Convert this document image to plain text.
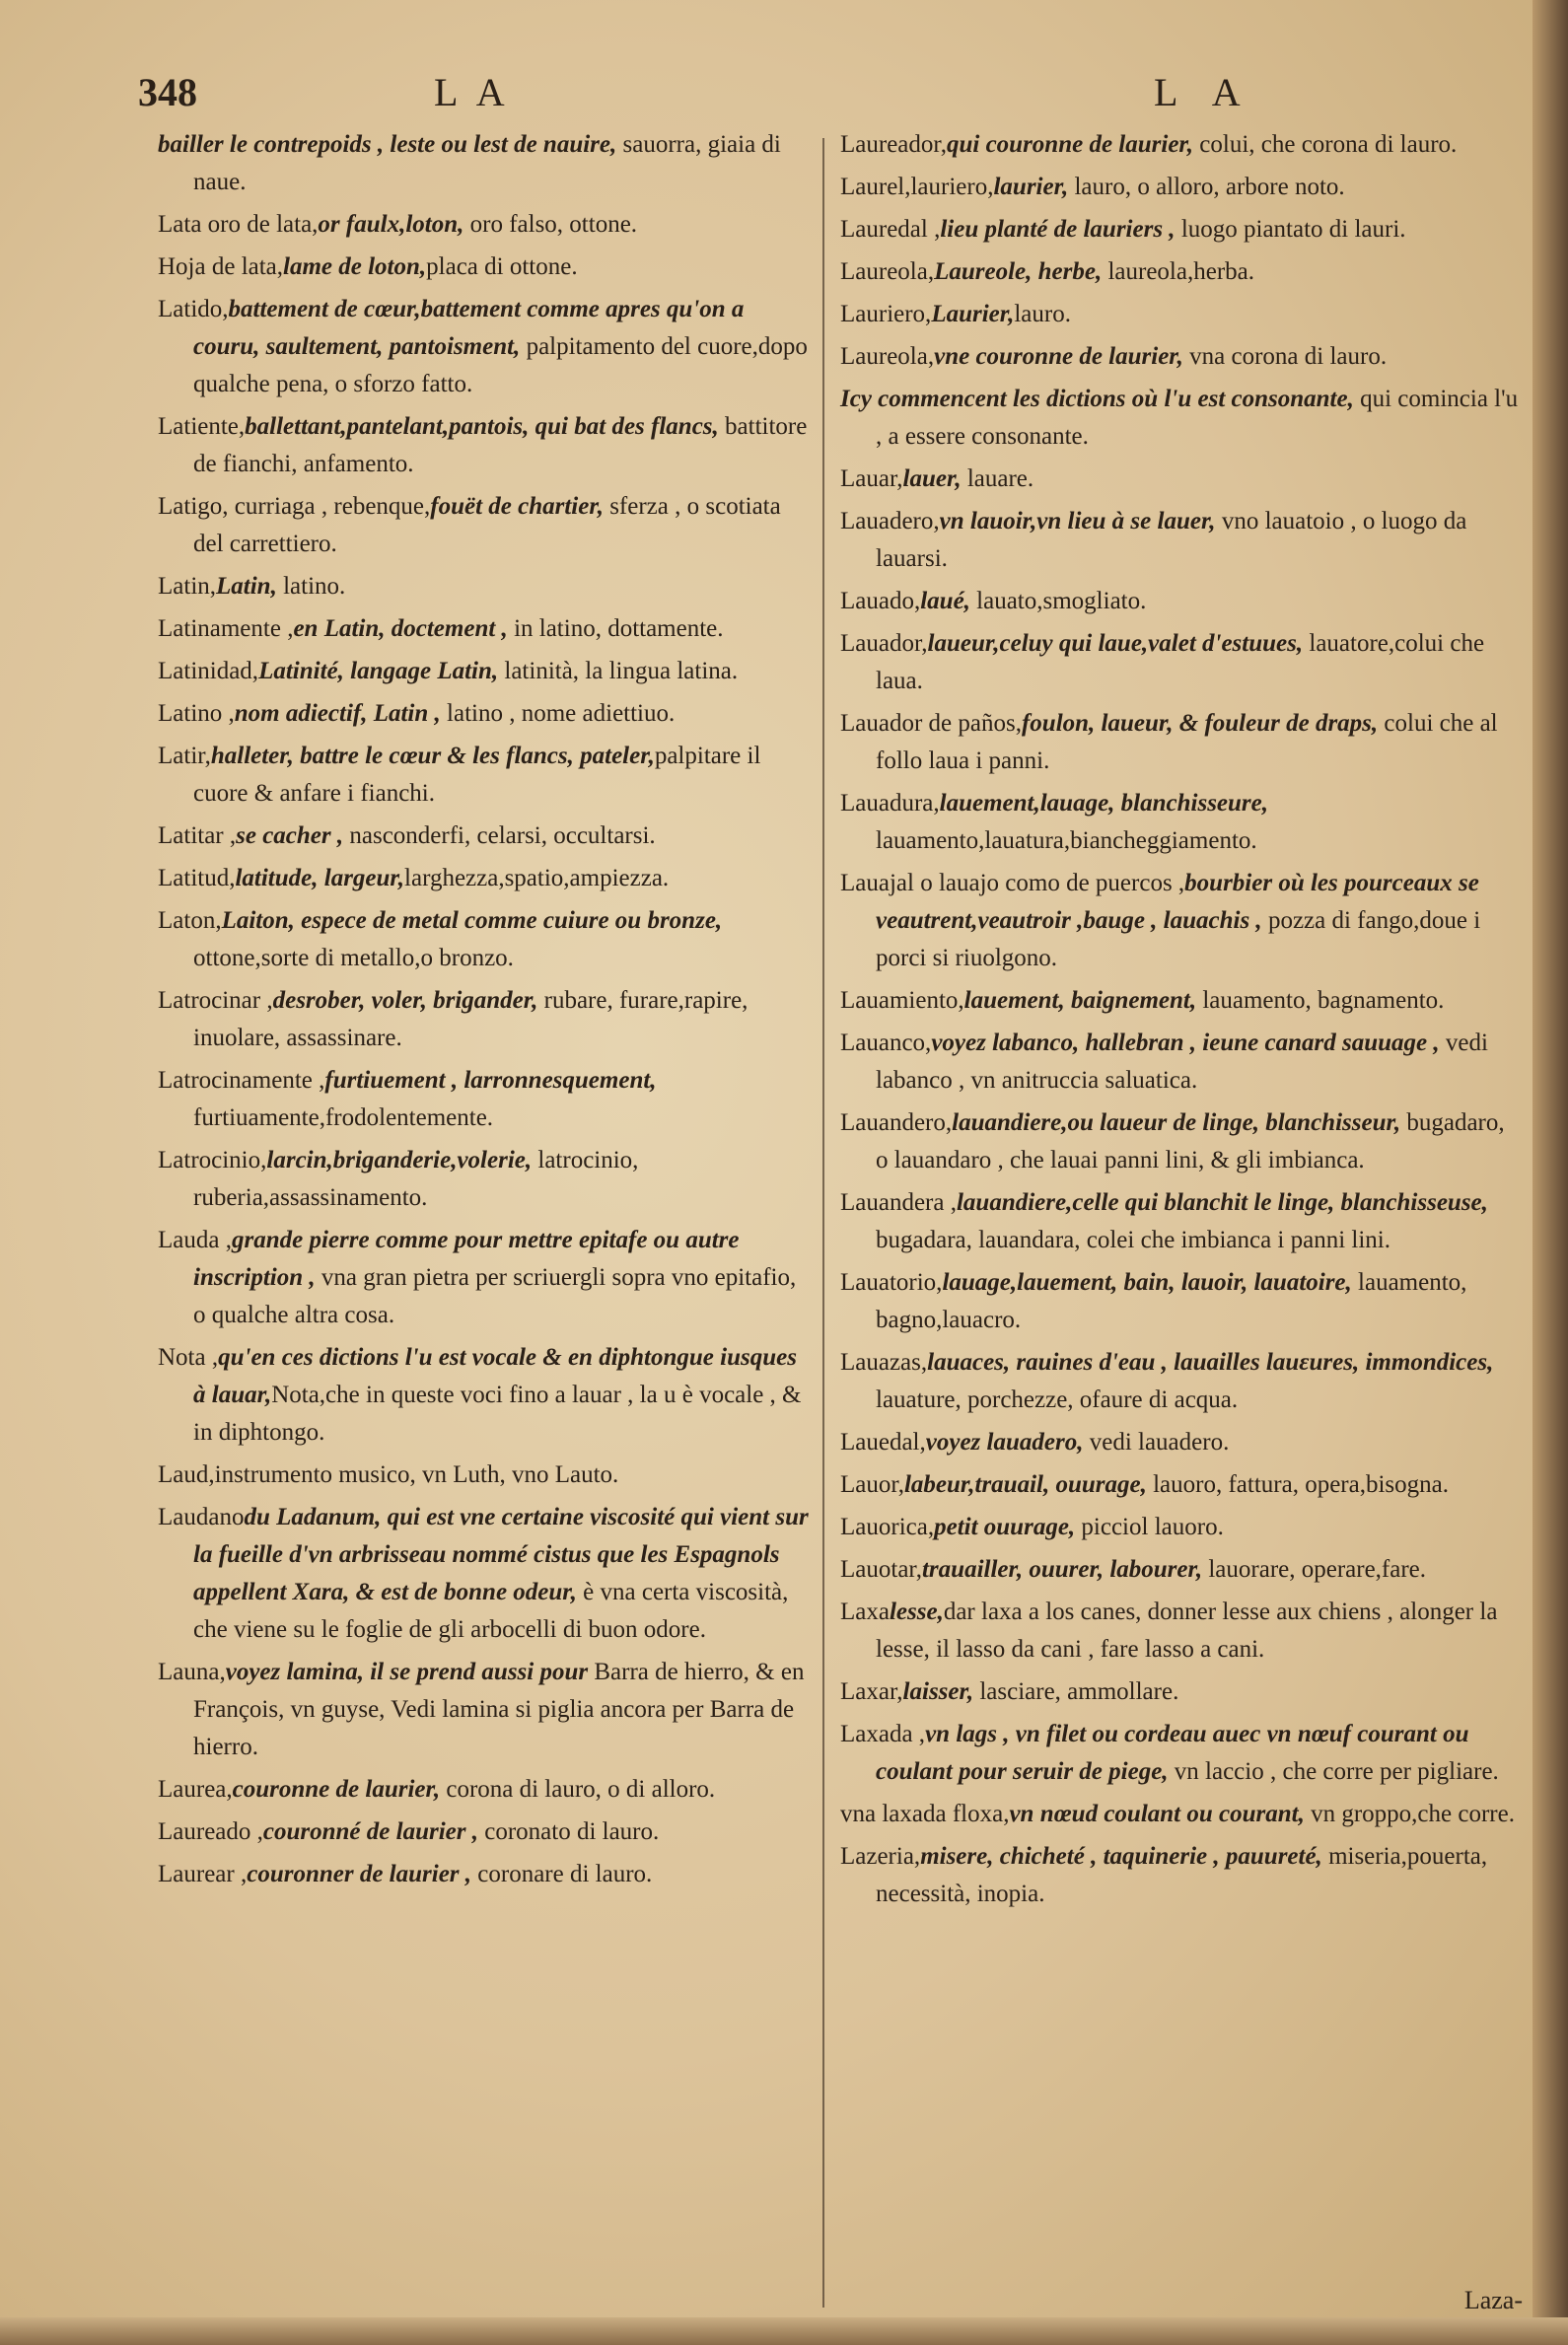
348	L A	L A

bailler le contrepoids , leste ou lest de nauire, sauorra, giaia di naue.

Lata oro de lata,or faulx,loton, oro falso, ottone.

Hoja de lata,lame de loton,placa di ottone.

Latido,battement de cœur,battement comme apres qu'on a couru, saultement, pantoisment, palpitamento del cuore,dopo qualche pena, o sforzo fatto.

Latiente,ballettant,pantelant,pantois, qui bat des flancs, battitore de fianchi, anfamento.

Latigo, curriaga , rebenque,fouët de chartier, sferza , o scotiata del carrettiero.

Latin,Latin, latino.

Latinamente ,en Latin, doctement , in latino, dottamente.

Latinidad,Latinité, langage Latin, latinità, la lingua latina.

Latino ,nom adiectif, Latin , latino , nome adiettiuo.

Latir,halleter, battre le cœur & les flancs, pateler,palpitare il cuore & anfare i fianchi.

Latitar ,se cacher , nasconderfi, celarsi, occultarsi.

Latitud,latitude, largeur,larghezza,spatio,ampiezza.

Laton,Laiton, espece de metal comme cuiure ou bronze, ottone,sorte di metallo,o bronzo.

Latrocinar ,desrober, voler, brigander, rubare, furare,rapire, inuolare, assassinare.

Latrocinamente ,furtiuement , larronnesquement, furtiuamente,frodolentemente.

Latrocinio,larcin,briganderie,volerie, latrocinio, ruberia,assassinamento.

Lauda ,grande pierre comme pour mettre epitafe ou autre inscription , vna gran pietra per scriuergli sopra vno epitafio, o qualche altra cosa.

Nota ,qu'en ces dictions l'u est vocale & en diphtongue iusques à lauar,Nota,che in queste voci fino a lauar , la u è vocale , & in diphtongo.

Laud,instrumento musico, vn Luth, vno Lauto.

Laudanodu Ladanum, qui est vne certaine viscosité qui vient sur la fueille d'vn arbrisseau nommé cistus que les Espagnols appellent Xara, & est de bonne odeur, è vna certa viscosità, che viene su le foglie de gli arbocelli di buon odore.

Launa,voyez lamina, il se prend aussi pour Barra de hierro, & en François, vn guyse, Vedi lamina si piglia ancora per Barra de hierro.

Laurea,couronne de laurier, corona di lauro, o di alloro.

Laureado ,couronné de laurier , coronato di lauro.

Laurear ,couronner de laurier , coronare di lauro.

Laureador,qui couronne de laurier, colui, che corona di lauro.

Laurel,lauriero,laurier, lauro, o alloro, arbore noto.

Lauredal ,lieu planté de lauriers , luogo piantato di lauri.

Laureola,Laureole, herbe, laureola,herba.

Lauriero,Laurier,lauro.

Laureola,vne couronne de laurier, vna corona di lauro.

Icy commencent les dictions où l'u est consonante, qui comincia l'u , a essere consonante.

Lauar,lauer, lauare.

Lauadero,vn lauoir,vn lieu à se lauer, vno lauatoio , o luogo da lauarsi.

Lauado,laué, lauato,smogliato.

Lauador,laueur,celuy qui laue,valet d'estuues, lauatore,colui che laua.

Lauador de paños,foulon, laueur, & fouleur de draps, colui che al follo laua i panni.

Lauadura,lauement,lauage, blanchisseure, lauamento,lauatura,bianchеggiamento.

Lauajal o lauajo como de puercos ,bourbier où les pourceaux se veautrent,veautroir ,bauge , lauachis , pozza di fango,doue i porci si riuolgono.

Lauamiento,lauement, baignement, lauamento, bagnamento.

Lauanco,voyez labanco, hallebran , ieune canard sauuage , vedi labanco , vn anitruccia saluatica.

Lauandero,lauandiere,ou laueur de linge, blanchisseur, bugadaro, o lauandaro , che lauai panni lini, & gli imbianca.

Lauandera ,lauandiere,celle qui blanchit le linge, blanchisseuse, bugadara, lauandara, colei che imbianca i panni lini.

Lauatorio,lauage,lauement, bain, lauoir, lauatoire, lauamento, bagno,lauacro.

Lauazas,lauaces, rauines d'eau , lauailles lauεures, immondices, lauature, porchezze, ofaure di acqua.

Lauedal,voyez lauadero, vedi lauadero.

Lauor,labeur,trauail, ouurage, lauoro, fattura, opera,bisogna.

Lauorica,petit ouurage, picciol lauoro.

Lauotar,trauailler, ouurer, labourer, lauorare, operare,fare.

Laxalesse,dar laxa a los canes, donner lesse aux chiens , alonger la lesse, il lasso da cani , fare lasso a cani.

Laxar,laisser, lasciare, ammollare.

Laxada ,vn lags , vn filet ou cordeau auec vn nœuf courant ou coulant pour seruir de piege, vn laccio , che corre per pigliare.

vna laxada floxa,vn nœud coulant ou courant, vn groppo,che corre.

Lazeria,misere, chicheté , taquinerie , pauureté, miseria,pouerta, necessità, inopia.

Laza-
